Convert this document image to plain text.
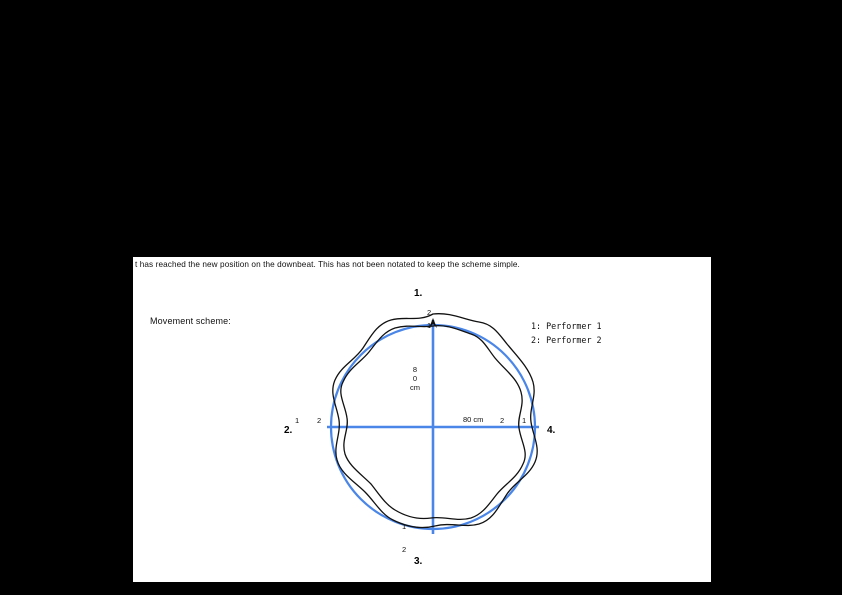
t has reached the new position on the downbeat. This has not been notated to keep the scheme simple.
Movement scheme:	1: Performer 1
2: Performer 2
8
0
cm
80 cm
2
1
1 2
1
2
2 1
1.
2.
3.
4.
